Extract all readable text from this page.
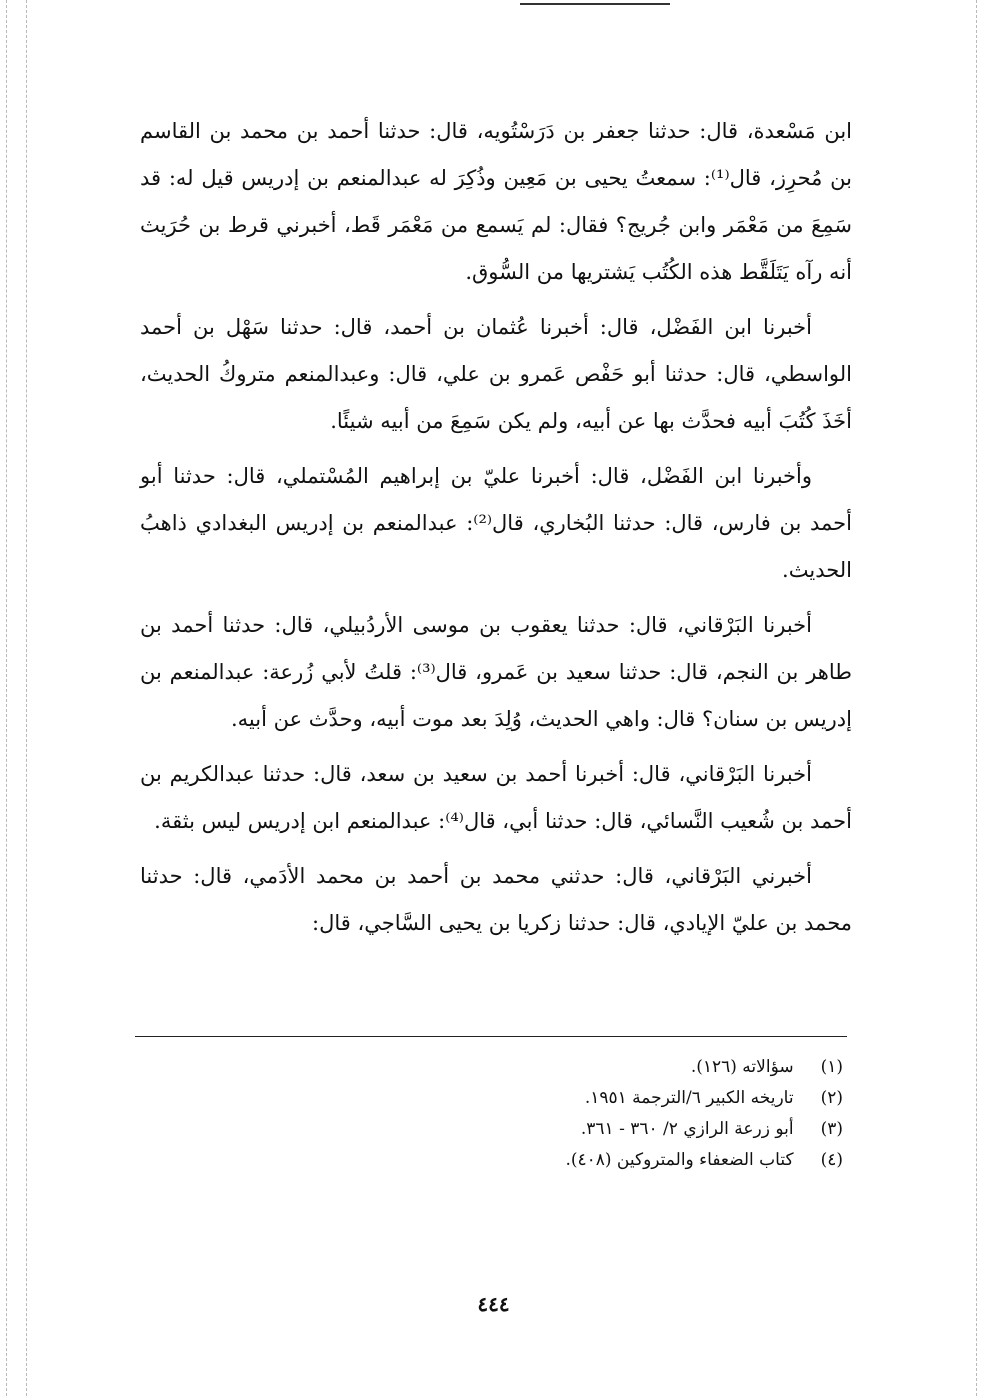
ابن مَسْعدة، قال: حدثنا جعفر بن دَرَسْتُويه، قال: حدثنا أحمد بن محمد بن القاسم بن مُحرِز، قال⁽¹⁾: سمعتُ يحيى بن مَعِين وذُكِرَ له عبدالمنعم بن إدريس قيل له: قد سَمِعَ من مَعْمَر وابن جُريج؟ فقال: لم يَسمع من مَعْمَر قَط، أخبرني قرط بن حُرَيث أنه رآه يَتَلَقَّط هذه الكُتُب يَشتريها من السُّوق.

أخبرنا ابن الفَضْل، قال: أخبرنا عُثمان بن أحمد، قال: حدثنا سَهْل بن أحمد الواسطي، قال: حدثنا أبو حَفْص عَمرو بن علي، قال: وعبدالمنعم متروكُ الحديث، أخَذَ كُتُبَ أبيه فحدَّث بها عن أبيه، ولم يكن سَمِعَ من أبيه شيئًا.

وأخبرنا ابن الفَضْل، قال: أخبرنا عليّ بن إبراهيم المُسْتملي، قال: حدثنا أبو أحمد بن فارس، قال: حدثنا البُخاري، قال⁽²⁾: عبدالمنعم بن إدريس البغدادي ذاهبُ الحديث.

أخبرنا البَرْقاني، قال: حدثنا يعقوب بن موسى الأردُبيلي، قال: حدثنا أحمد بن طاهر بن النجم، قال: حدثنا سعيد بن عَمرو، قال⁽³⁾: قلتُ لأبي زُرعة: عبدالمنعم بن إدريس بن سنان؟ قال: واهي الحديث، وُلِدَ بعد موت أبيه، وحدَّث عن أبيه.

أخبرنا البَرْقاني، قال: أخبرنا أحمد بن سعيد بن سعد، قال: حدثنا عبدالكريم بن أحمد بن شُعيب النَّسائي، قال: حدثنا أبي، قال⁽⁴⁾: عبدالمنعم ابن إدريس ليس بثقة.

أخبرني البَرْقاني، قال: حدثني محمد بن أحمد بن محمد الأدَمي، قال: حدثنا محمد بن عليّ الإيادي، قال: حدثنا زكريا بن يحيى السَّاجي، قال:

(١) سؤالاته (١٢٦).
(٢) تاريخه الكبير ٦/الترجمة ١٩٥١.
(٣) أبو زرعة الرازي ٢/ ٣٦٠ - ٣٦١.
(٤) كتاب الضعفاء والمتروكين (٤٠٨).
٤٤٤
